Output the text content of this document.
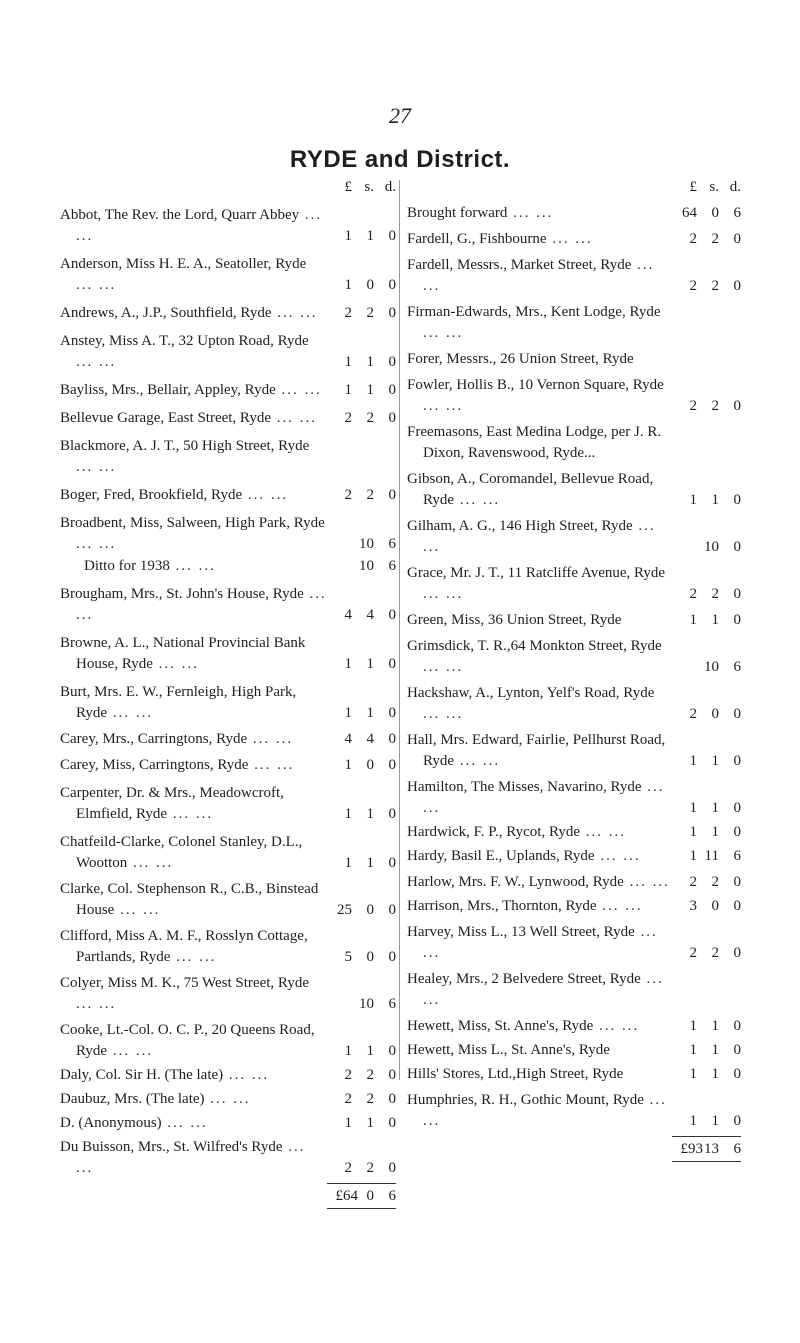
27
RYDE and District.
£ s. d.
Abbot, The Rev. the Lord, Quarr Abbey ... ...	1 1 0
Anderson, Miss H. E. A., Seatoller, Ryde ... ...	1 0 0
Andrews, A., J.P., Southfield, Ryde ... ...	2 2 0
Anstey, Miss A. T., 32 Upton Road, Ryde ... ...	1 1 0
Bayliss, Mrs., Bellair, Appley, Ryde ... ...	1 1 0
Bellevue Garage, East Street, Ryde ... ...	2 2 0
Blackmore, A. J. T., 50 High Street, Ryde ... ...
Boger, Fred, Brookfield, Ryde ... ...	2 2 0
Broadbent, Miss, Salween, High Park, Ryde ... ...	10 6
Ditto for 1938 ... ...	10 6
Brougham, Mrs., St. John's House, Ryde ... ...	4 4 0
Browne, A. L., National Provincial Bank House, Ryde ... ...	1 1 0
Burt, Mrs. E. W., Fernleigh, High Park, Ryde ... ...	1 1 0
Carey, Mrs., Carringtons, Ryde ... ...	4 4 0
Carey, Miss, Carringtons, Ryde ... ...	1 0 0
Carpenter, Dr. & Mrs., Meadowcroft, Elmfield, Ryde ... ...	1 1 0
Chatfeild-Clarke, Colonel Stanley, D.L., Wootton ... ...	1 1 0
Clarke, Col. Stephenson R., C.B., Binstead House ... ...	25 0 0
Clifford, Miss A. M. F., Rosslyn Cottage, Partlands, Ryde ... ...	5 0 0
Colyer, Miss M. K., 75 West Street, Ryde ... ...	10 6
Cooke, Lt.-Col. O. C. P., 20 Queens Road, Ryde ... ...	1 1 0
Daly, Col. Sir H. (The late) ... ...	2 2 0
Daubuz, Mrs. (The late) ... ...	2 2 0
D. (Anonymous) ... ...	1 1 0
Du Buisson, Mrs., St. Wilfred's Ryde ... ...	2 2 0
£64 0 6
£ s. d.
Brought forward ... ...	64 0 6
Fardell, G., Fishbourne ... ...	2 2 0
Fardell, Messrs., Market Street, Ryde ... ...	2 2 0
Firman-Edwards, Mrs., Kent Lodge, Ryde ... ...
Forer, Messrs., 26 Union Street, Ryde
Fowler, Hollis B., 10 Vernon Square, Ryde ... ...	2 2 0
Freemasons, East Medina Lodge, per J. R. Dixon, Ravenswood, Ryde...
Gibson, A., Coromandel, Bellevue Road, Ryde ... ...	1 1 0
Gilham, A. G., 146 High Street, Ryde ... ...	10 0
Grace, Mr. J. T., 11 Ratcliffe Avenue, Ryde ... ...	2 2 0
Green, Miss, 36 Union Street, Ryde	1 1 0
Grimsdick, T. R.,64 Monkton Street, Ryde ... ...	10 6
Hackshaw, A., Lynton, Yelf's Road, Ryde ... ...	2 0 0
Hall, Mrs. Edward, Fairlie, Pellhurst Road, Ryde ... ...	1 1 0
Hamilton, The Misses, Navarino, Ryde ... ...	1 1 0
Hardwick, F. P., Rycot, Ryde ... ...	1 1 0
Hardy, Basil E., Uplands, Ryde ... ...	1 11 6
Harlow, Mrs. F. W., Lynwood, Ryde ... ...	2 2 0
Harrison, Mrs., Thornton, Ryde ... ...	3 0 0
Harvey, Miss L., 13 Well Street, Ryde ... ...	2 2 0
Healey, Mrs., 2 Belvedere Street, Ryde ... ...
Hewett, Miss, St. Anne's, Ryde ... ...	1 1 0
Hewett, Miss L., St. Anne's, Ryde	1 1 0
Hills' Stores, Ltd.,High Street, Ryde	1 1 0
Humphries, R. H., Gothic Mount, Ryde ... ...	1 1 0
£93 13 6
